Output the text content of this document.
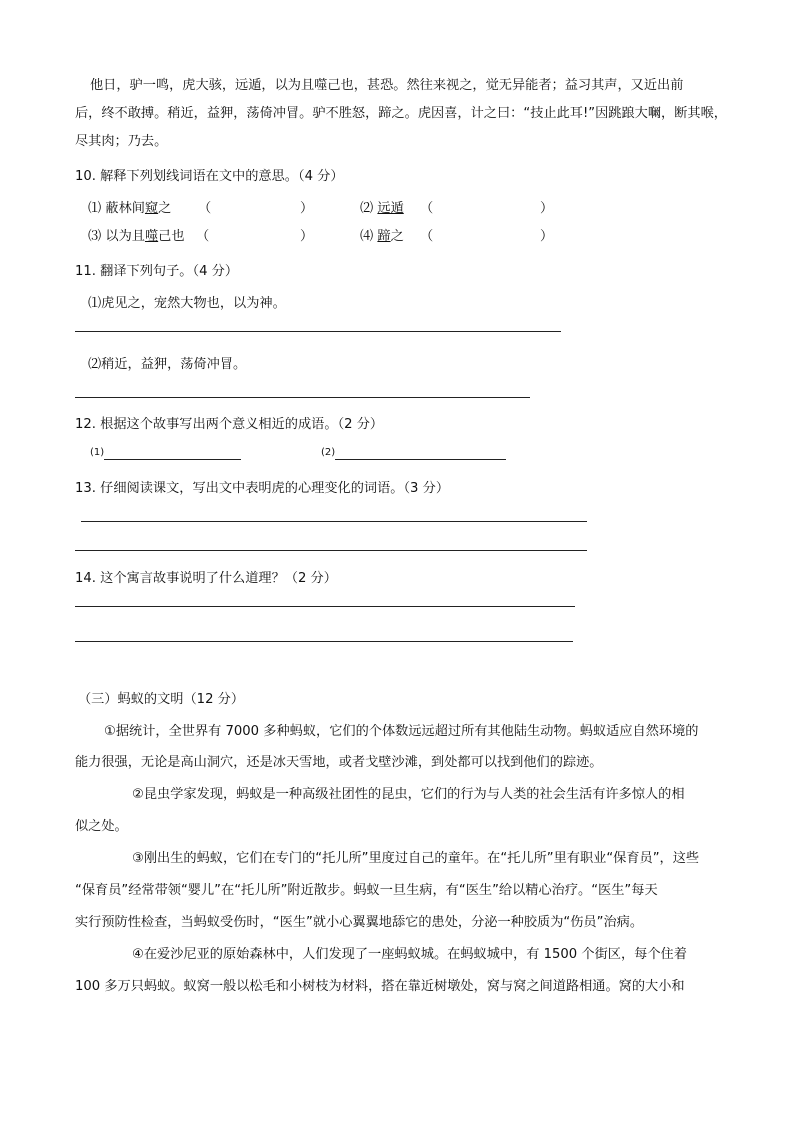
他日，驴一鸣，虎大骇，远遁，以为且噬己也，甚恐。然往来视之，觉无异能者；益习其声，又近出前
后，终不敢搏。稍近，益狎，荡倚冲冒。驴不胜怒，蹄之。虎因喜，计之曰：“技止此耳!”因跳踉大㘎，断其喉，
尽其肉；乃去。
10. 解释下列划线词语在文中的意思。（4 分）
⑴ 蔽林间窥之 （	）	⑵ 远遁 （	）
⑶ 以为且噬己也 （	）	⑷ 蹄之 （	）
11. 翻译下列句子。（4 分）
⑴虎见之，宠然大物也，以为神。
⑵稍近，益狎，荡倚冲冒。
12. 根据这个故事写出两个意义相近的成语。（2 分）
(1)	(2)
13. 仔细阅读课文，写出文中表明虎的心理变化的词语。（3 分）
14. 这个寓言故事说明了什么道理？（2 分）
（三）蚂蚁的文明（12 分）
①据统计，全世界有 7000 多种蚂蚁，它们的个体数远远超过所有其他陆生动物。蚂蚁适应自然环境的
能力很强，无论是高山洞穴，还是冰天雪地，或者戈壁沙滩，到处都可以找到他们的踪迹。
②昆虫学家发现，蚂蚁是一种高级社团性的昆虫，它们的行为与人类的社会生活有许多惊人的相
似之处。
③刚出生的蚂蚁，它们在专门的“托儿所”里度过自己的童年。在“托儿所”里有职业“保育员”，这些
“保育员”经常带领“婴儿”在“托儿所”附近散步。蚂蚁一旦生病，有“医生”给以精心治疗。“医生”每天
实行预防性检查，当蚂蚁受伤时，“医生”就小心翼翼地舔它的患处，分泌一种胶质为“伤员”治病。
④在爱沙尼亚的原始森林中，人们发现了一座蚂蚁城。在蚂蚁城中，有 1500 个街区，每个住着
100 多万只蚂蚁。蚁窝一般以松毛和小树枝为材料，搭在靠近树墩处，窝与窝之间道路相通。窝的大小和
